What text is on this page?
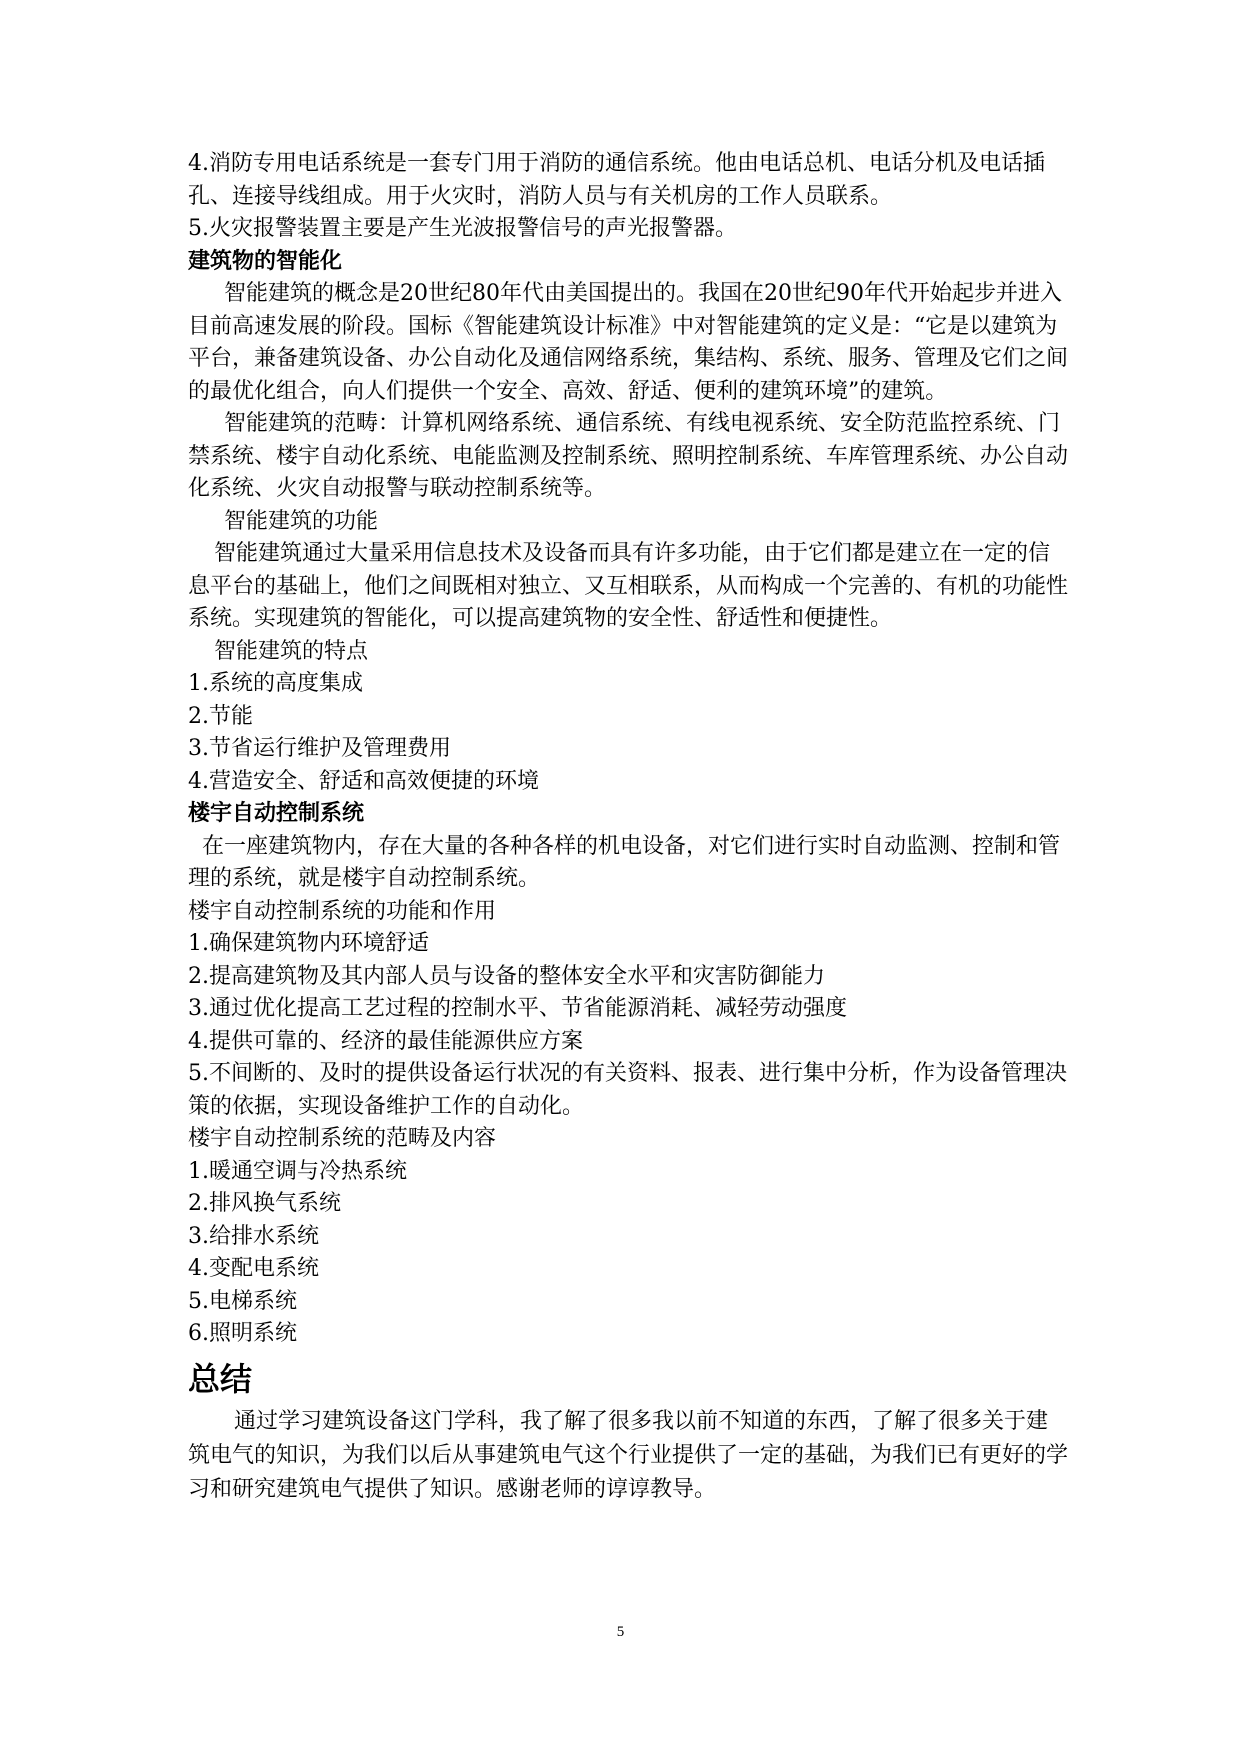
4.消防专用电话系统是一套专门用于消防的通信系统。他由电话总机、电话分机及电话插孔、连接导线组成。用于火灾时，消防人员与有关机房的工作人员联系。

5.火灾报警装置主要是产生光波报警信号的声光报警器。

建筑物的智能化

智能建筑的概念是20世纪80年代由美国提出的。我国在20世纪90年代开始起步并进入目前高速发展的阶段。国标《智能建筑设计标准》中对智能建筑的定义是：“它是以建筑为平台，兼备建筑设备、办公自动化及通信网络系统，集结构、系统、服务、管理及它们之间的最优化组合，向人们提供一个安全、高效、舒适、便利的建筑环境”的建筑。

智能建筑的范畴：计算机网络系统、通信系统、有线电视系统、安全防范监控系统、门禁系统、楼宇自动化系统、电能监测及控制系统、照明控制系统、车库管理系统、办公自动化系统、火灾自动报警与联动控制系统等。

智能建筑的功能

智能建筑通过大量采用信息技术及设备而具有许多功能，由于它们都是建立在一定的信息平台的基础上，他们之间既相对独立、又互相联系，从而构成一个完善的、有机的功能性系统。实现建筑的智能化，可以提高建筑物的安全性、舒适性和便捷性。

智能建筑的特点

1.系统的高度集成

2.节能

3.节省运行维护及管理费用

4.营造安全、舒适和高效便捷的环境

楼宇自动控制系统

在一座建筑物内，存在大量的各种各样的机电设备，对它们进行实时自动监测、控制和管理的系统，就是楼宇自动控制系统。

楼宇自动控制系统的功能和作用

1.确保建筑物内环境舒适

2.提高建筑物及其内部人员与设备的整体安全水平和灾害防御能力

3.通过优化提高工艺过程的控制水平、节省能源消耗、减轻劳动强度

4.提供可靠的、经济的最佳能源供应方案

5.不间断的、及时的提供设备运行状况的有关资料、报表、进行集中分析，作为设备管理决策的依据，实现设备维护工作的自动化。

楼宇自动控制系统的范畴及内容

1.暖通空调与冷热系统

2.排风换气系统

3.给排水系统

4.变配电系统

5.电梯系统

6.照明系统

总结

通过学习建筑设备这门学科，我了解了很多我以前不知道的东西，了解了很多关于建筑电气的知识，为我们以后从事建筑电气这个行业提供了一定的基础，为我们已有更好的学习和研究建筑电气提供了知识。感谢老师的谆谆教导。

5
